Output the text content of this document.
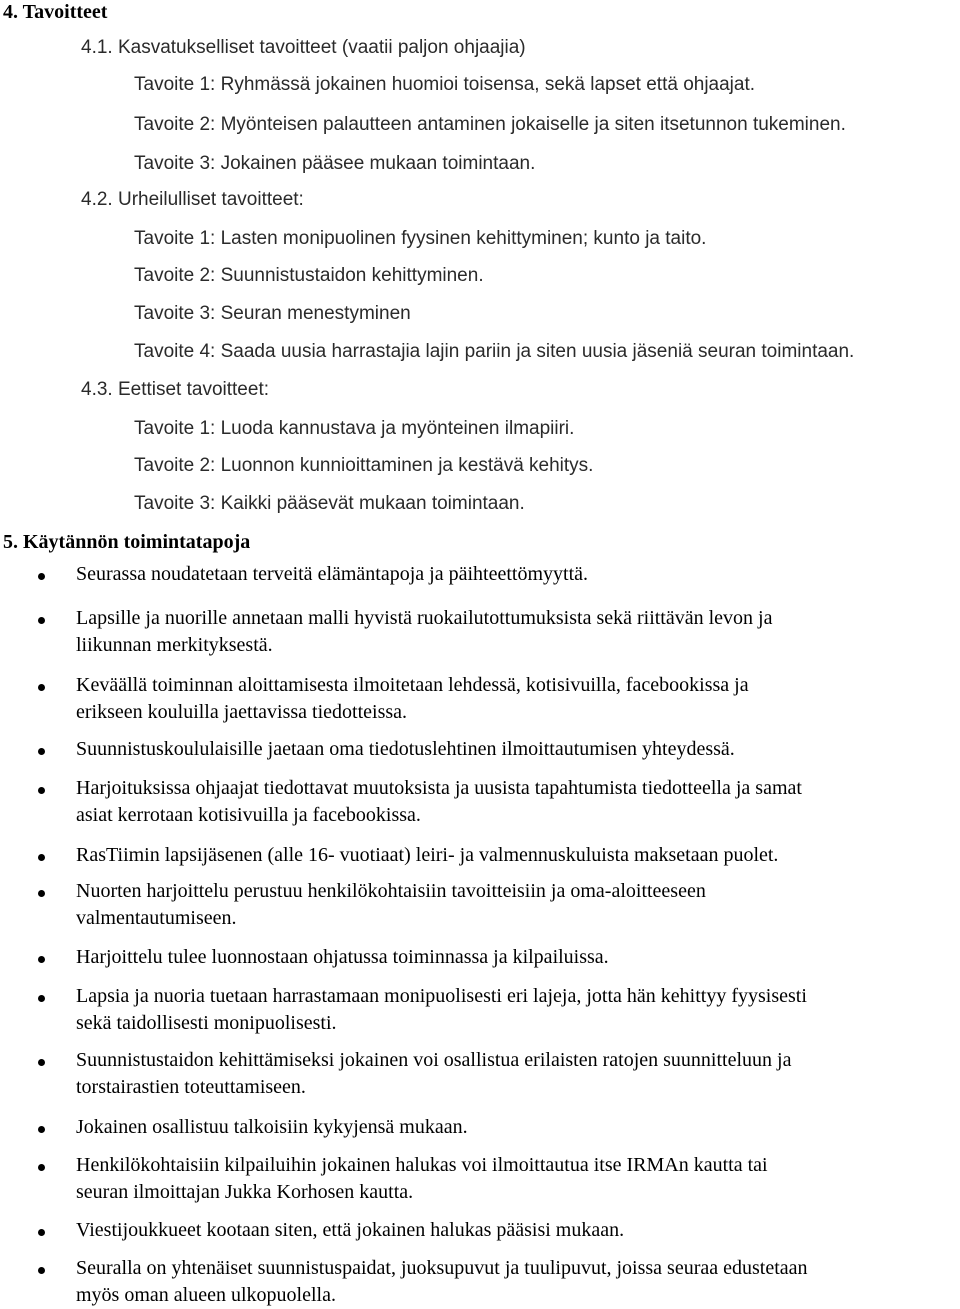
4. Tavoitteet
4.1. Kasvatukselliset tavoitteet (vaatii paljon ohjaajia)
Tavoite 1: Ryhmässä jokainen huomioi toisensa, sekä lapset että ohjaajat.
Tavoite 2: Myönteisen palautteen antaminen jokaiselle ja siten itsetunnon tukeminen.
Tavoite 3: Jokainen pääsee mukaan toimintaan.
4.2. Urheilulliset tavoitteet:
Tavoite 1: Lasten monipuolinen fyysinen kehittyminen; kunto ja taito.
Tavoite 2: Suunnistustaidon kehittyminen.
Tavoite 3: Seuran menestyminen
Tavoite 4: Saada uusia harrastajia lajin pariin ja siten uusia jäseniä seuran toimintaan.
4.3. Eettiset tavoitteet:
Tavoite 1: Luoda kannustava ja myönteinen ilmapiiri.
Tavoite 2: Luonnon kunnioittaminen ja kestävä kehitys.
Tavoite 3: Kaikki pääsevät mukaan toimintaan.
5. Käytännön toimintatapoja
Seurassa noudatetaan terveitä elämäntapoja ja päihteettömyyttä.
Lapsille ja nuorille annetaan malli hyvistä ruokailutottumuksista sekä riittävän levon ja
liikunnan merkityksestä.
Keväällä toiminnan aloittamisesta ilmoitetaan lehdessä, kotisivuilla, facebookissa ja
erikseen kouluilla jaettavissa tiedotteissa.
Suunnistuskoululaisille jaetaan oma tiedotuslehtinen ilmoittautumisen yhteydessä.
Harjoituksissa ohjaajat tiedottavat muutoksista ja uusista tapahtumista tiedotteella ja samat
asiat kerrotaan kotisivuilla ja facebookissa.
RasTiimin lapsijäsenen (alle 16- vuotiaat) leiri- ja valmennuskuluista maksetaan puolet.
Nuorten harjoittelu perustuu henkilökohtaisiin tavoitteisiin ja oma-aloitteeseen
valmentautumiseen.
Harjoittelu tulee luonnostaan ohjatussa toiminnassa ja kilpailuissa.
Lapsia ja nuoria tuetaan harrastamaan monipuolisesti eri lajeja, jotta hän kehittyy fyysisesti
sekä taidollisesti monipuolisesti.
Suunnistustaidon kehittämiseksi jokainen voi osallistua erilaisten ratojen suunnitteluun ja
torstairastien toteuttamiseen.
Jokainen osallistuu talkoisiin kykyjensä mukaan.
Henkilökohtaisiin kilpailuihin jokainen halukas voi ilmoittautua itse IRMAn kautta tai
seuran ilmoittajan Jukka Korhosen kautta.
Viestijoukkueet kootaan siten, että jokainen halukas pääsisi mukaan.
Seuralla on yhtenäiset suunnistuspaidat, juoksupuvut ja tuulipuvut, joissa seuraa edustetaan
myös oman alueen ulkopuolella.
